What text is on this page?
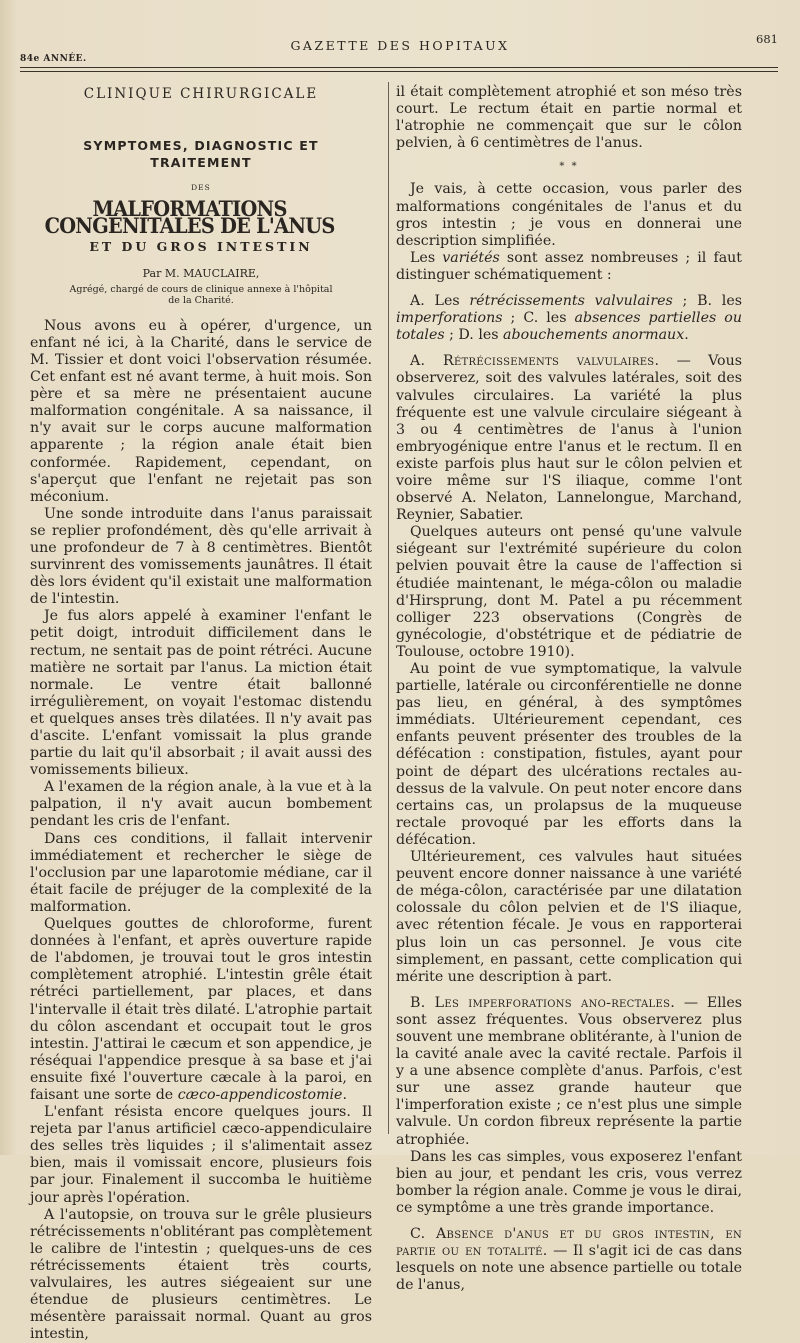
GAZETTE DES HOPITAUX	681
84e ANNÉE.
CLINIQUE CHIRURGICALE
SYMPTOMES, DIAGNOSTIC ET TRAITEMENT
DES
MALFORMATIONS CONGÉNITALES DE L'ANUS
ET DU GROS INTESTIN
Par M. MAUCLAIRE,
Agrégé, chargé de cours de clinique annexe à l'hôpital
de la Charité.

Nous avons eu à opérer, d'urgence, un enfant né ici, à la Charité, dans le service de M. Tissier et dont voici l'observation résumée. Cet enfant est né avant terme, à huit mois. Son père et sa mère ne présentaient aucune malformation congénitale. A sa naissance, il n'y avait sur le corps aucune malformation apparente ; la région anale était bien conformée. Rapidement, cependant, on s'aperçut que l'enfant ne rejetait pas son méconium.

Une sonde introduite dans l'anus paraissait se replier profondément, dès qu'elle arrivait à une profondeur de 7 à 8 centimètres. Bientôt survinrent des vomissements jaunâtres. Il était dès lors évident qu'il existait une malformation de l'intestin.

Je fus alors appelé à examiner l'enfant le petit doigt, introduit difficilement dans le rectum, ne sentait pas de point rétréci. Aucune matière ne sortait par l'anus. La miction était normale. Le ventre était ballonné irrégulièrement, on voyait l'estomac distendu et quelques anses très dilatées. Il n'y avait pas d'ascite. L'enfant vomissait la plus grande partie du lait qu'il absorbait ; il avait aussi des vomissements bilieux.

A l'examen de la région anale, à la vue et à la palpation, il n'y avait aucun bombement pendant les cris de l'enfant.

Dans ces conditions, il fallait intervenir immédiatement et rechercher le siège de l'occlusion par une laparotomie médiane, car il était facile de préjuger de la complexité de la malformation.

Quelques gouttes de chloroforme, furent données à l'enfant, et après ouverture rapide de l'abdomen, je trouvai tout le gros intestin complètement atrophié. L'intestin grêle était rétréci partiellement, par places, et dans l'intervalle il était très dilaté. L'atrophie partait du côlon ascendant et occupait tout le gros intestin. J'attirai le cæcum et son appendice, je réséquai l'appendice presque à sa base et j'ai ensuite fixé l'ouverture cæcale à la paroi, en faisant une sorte de cæco-appendicostomie.

L'enfant résista encore quelques jours. Il rejeta par l'anus artificiel cæco-appendiculaire des selles très liquides ; il s'alimentait assez bien, mais il vomissait encore, plusieurs fois par jour. Finalement il succomba le huitième jour après l'opération.

A l'autopsie, on trouva sur le grêle plusieurs rétrécissements n'oblitérant pas complètement le calibre de l'intestin ; quelques-uns de ces rétrécissements étaient très courts, valvulaires, les autres siégeaient sur une étendue de plusieurs centimètres. Le mésentère paraissait normal. Quant au gros intestin,

il était complètement atrophié et son méso très court. Le rectum était en partie normal et l'atrophie ne commençait que sur le côlon pelvien, à 6 centimètres de l'anus.

* *

Je vais, à cette occasion, vous parler des malformations congénitales de l'anus et du gros intestin ; je vous en donnerai une description simplifiée.

Les variétés sont assez nombreuses ; il faut distinguer schématiquement :

A. Les rétrécissements valvulaires ; B. les imperforations ; C. les absences partielles ou totales ; D. les abouchements anormaux.

A. Rétrécissements valvulaires. — Vous observerez, soit des valvules latérales, soit des valvules circulaires. La variété la plus fréquente est une valvule circulaire siégeant à 3 ou 4 centimètres de l'anus à l'union embryogénique entre l'anus et le rectum. Il en existe parfois plus haut sur le côlon pelvien et voire même sur l'S iliaque, comme l'ont observé A. Nelaton, Lannelongue, Marchand, Reynier, Sabatier.

Quelques auteurs ont pensé qu'une valvule siégeant sur l'extrémité supérieure du colon pelvien pouvait être la cause de l'affection si étudiée maintenant, le méga-côlon ou maladie d'Hirsprung, dont M. Patel a pu récemment colliger 223 observations (Congrès de gynécologie, d'obstétrique et de pédiatrie de Toulouse, octobre 1910).

Au point de vue symptomatique, la valvule partielle, latérale ou circonférentielle ne donne pas lieu, en général, à des symptômes immédiats. Ultérieurement cependant, ces enfants peuvent présenter des troubles de la défécation : constipation, fistules, ayant pour point de départ des ulcérations rectales au-dessus de la valvule. On peut noter encore dans certains cas, un prolapsus de la muqueuse rectale provoqué par les efforts dans la défécation.

Ultérieurement, ces valvules haut situées peuvent encore donner naissance à une variété de méga-côlon, caractérisée par une dilatation colossale du côlon pelvien et de l'S iliaque, avec rétention fécale. Je vous en rapporterai plus loin un cas personnel. Je vous cite simplement, en passant, cette complication qui mérite une description à part.

B. Les imperforations ano-rectales. — Elles sont assez fréquentes. Vous observerez plus souvent une membrane oblitérante, à l'union de la cavité anale avec la cavité rectale. Parfois il y a une absence complète d'anus. Parfois, c'est sur une assez grande hauteur que l'imperforation existe ; ce n'est plus une simple valvule. Un cordon fibreux représente la partie atrophiée.

Dans les cas simples, vous exposerez l'enfant bien au jour, et pendant les cris, vous verrez bomber la région anale. Comme je vous le dirai, ce symptôme a une très grande importance.

C. Absence d'anus et du gros intestin, en partie ou en totalité. — Il s'agit ici de cas dans lesquels on note une absence partielle ou totale de l'anus,
